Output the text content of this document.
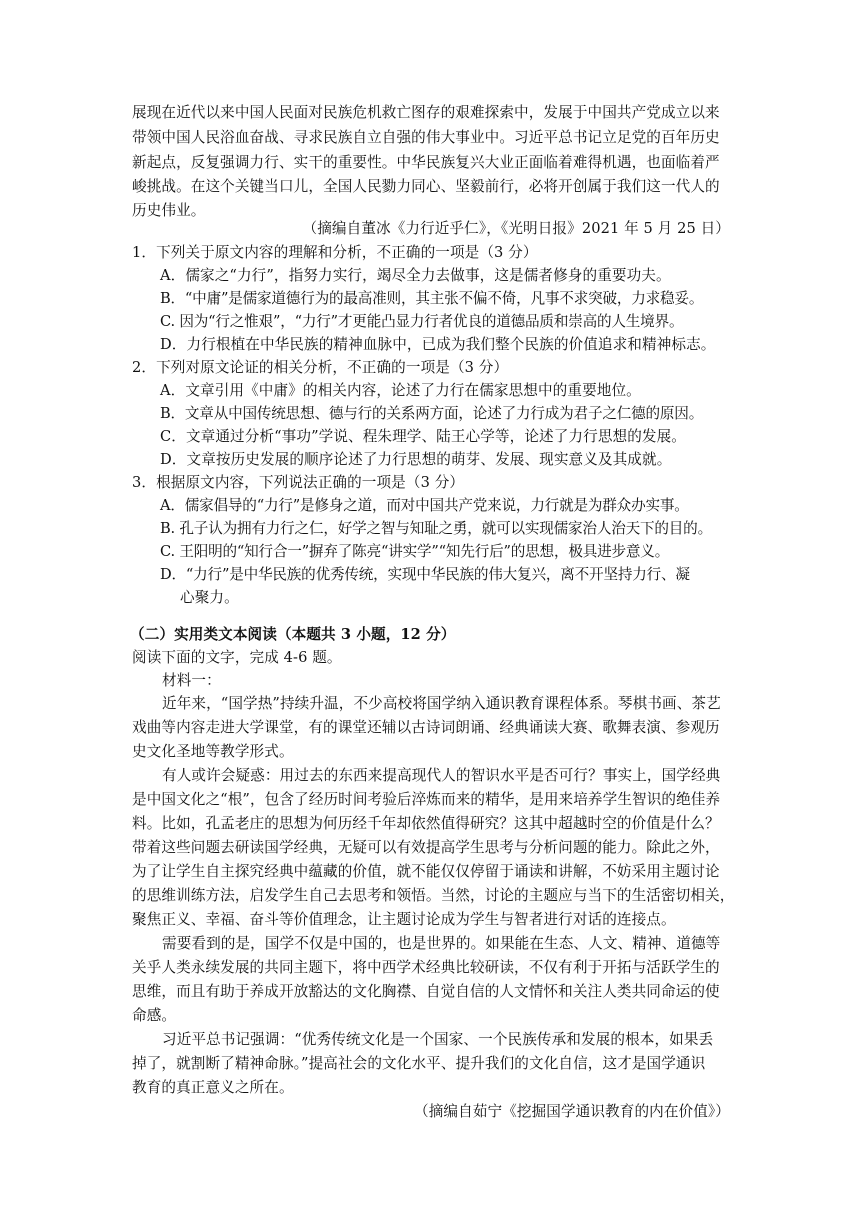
展现在近代以来中国人民面对民族危机救亡图存的艰难探索中，发展于中国共产党成立以来
带领中国人民浴血奋战、寻求民族自立自强的伟大事业中。习近平总书记立足党的百年历史
新起点，反复强调力行、实干的重要性。中华民族复兴大业正面临着难得机遇，也面临着严
峻挑战。在这个关键当口儿，全国人民勠力同心、坚毅前行，必将开创属于我们这一代人的
历史伟业。
（摘编自董冰《力行近乎仁》，《光明日报》2021 年 5 月 25 日）
1．下列关于原文内容的理解和分析，不正确的一项是（3 分）
A．儒家之“力行”，指努力实行，竭尽全力去做事，这是儒者修身的重要功夫。
B．“中庸”是儒家道德行为的最高准则，其主张不偏不倚，凡事不求突破，力求稳妥。
C. 因为“行之惟艰”，“力行”才更能凸显力行者优良的道德品质和崇高的人生境界。
D．力行根植在中华民族的精神血脉中，已成为我们整个民族的价值追求和精神标志。
2．下列对原文论证的相关分析，不正确的一项是（3 分）
A．文章引用《中庸》的相关内容，论述了力行在儒家思想中的重要地位。
B．文章从中国传统思想、德与行的关系两方面，论述了力行成为君子之仁德的原因。
C．文章通过分析“事功”学说、程朱理学、陆王心学等，论述了力行思想的发展。
D．文章按历史发展的顺序论述了力行思想的萌芽、发展、现实意义及其成就。
3．根据原文内容，下列说法正确的一项是（3 分）
A．儒家倡导的“力行”是修身之道，而对中国共产党来说，力行就是为群众办实事。
B. 孔子认为拥有力行之仁，好学之智与知耻之勇，就可以实现儒家治人治天下的目的。
C. 王阳明的“知行合一”摒弃了陈亮“讲实学”“知先行后”的思想，极具进步意义。
D．“力行”是中华民族的优秀传统，实现中华民族的伟大复兴，离不开坚持力行、凝
心聚力。
（二）实用类文本阅读（本题共 3 小题，12 分）
阅读下面的文字，完成 4-6 题。
材料一：
近年来，“国学热”持续升温，不少高校将国学纳入通识教育课程体系。琴棋书画、茶艺
戏曲等内容走进大学课堂，有的课堂还辅以古诗词朗诵、经典诵读大赛、歌舞表演、参观历
史文化圣地等教学形式。
有人或许会疑惑：用过去的东西来提高现代人的智识水平是否可行？事实上，国学经典
是中国文化之“根”，包含了经历时间考验后淬炼而来的精华，是用来培养学生智识的绝佳养
料。比如，孔孟老庄的思想为何历经千年却依然值得研究？这其中超越时空的价值是什么？
带着这些问题去研读国学经典，无疑可以有效提高学生思考与分析问题的能力。除此之外，
为了让学生自主探究经典中蕴藏的价值，就不能仅仅停留于诵读和讲解，不妨采用主题讨论
的思维训练方法，启发学生自己去思考和领悟。当然，讨论的主题应与当下的生活密切相关，
聚焦正义、幸福、奋斗等价值理念，让主题讨论成为学生与智者进行对话的连接点。
需要看到的是，国学不仅是中国的，也是世界的。如果能在生态、人文、精神、道德等
关乎人类永续发展的共同主题下，将中西学术经典比较研读，不仅有利于开拓与活跃学生的
思维，而且有助于养成开放豁达的文化胸襟、自觉自信的人文情怀和关注人类共同命运的使
命感。
习近平总书记强调：“优秀传统文化是一个国家、一个民族传承和发展的根本，如果丢
掉了，就割断了精神命脉。”提高社会的文化水平、提升我们的文化自信，这才是国学通识
教育的真正意义之所在。
（摘编自茹宁《挖掘国学通识教育的内在价值》）
